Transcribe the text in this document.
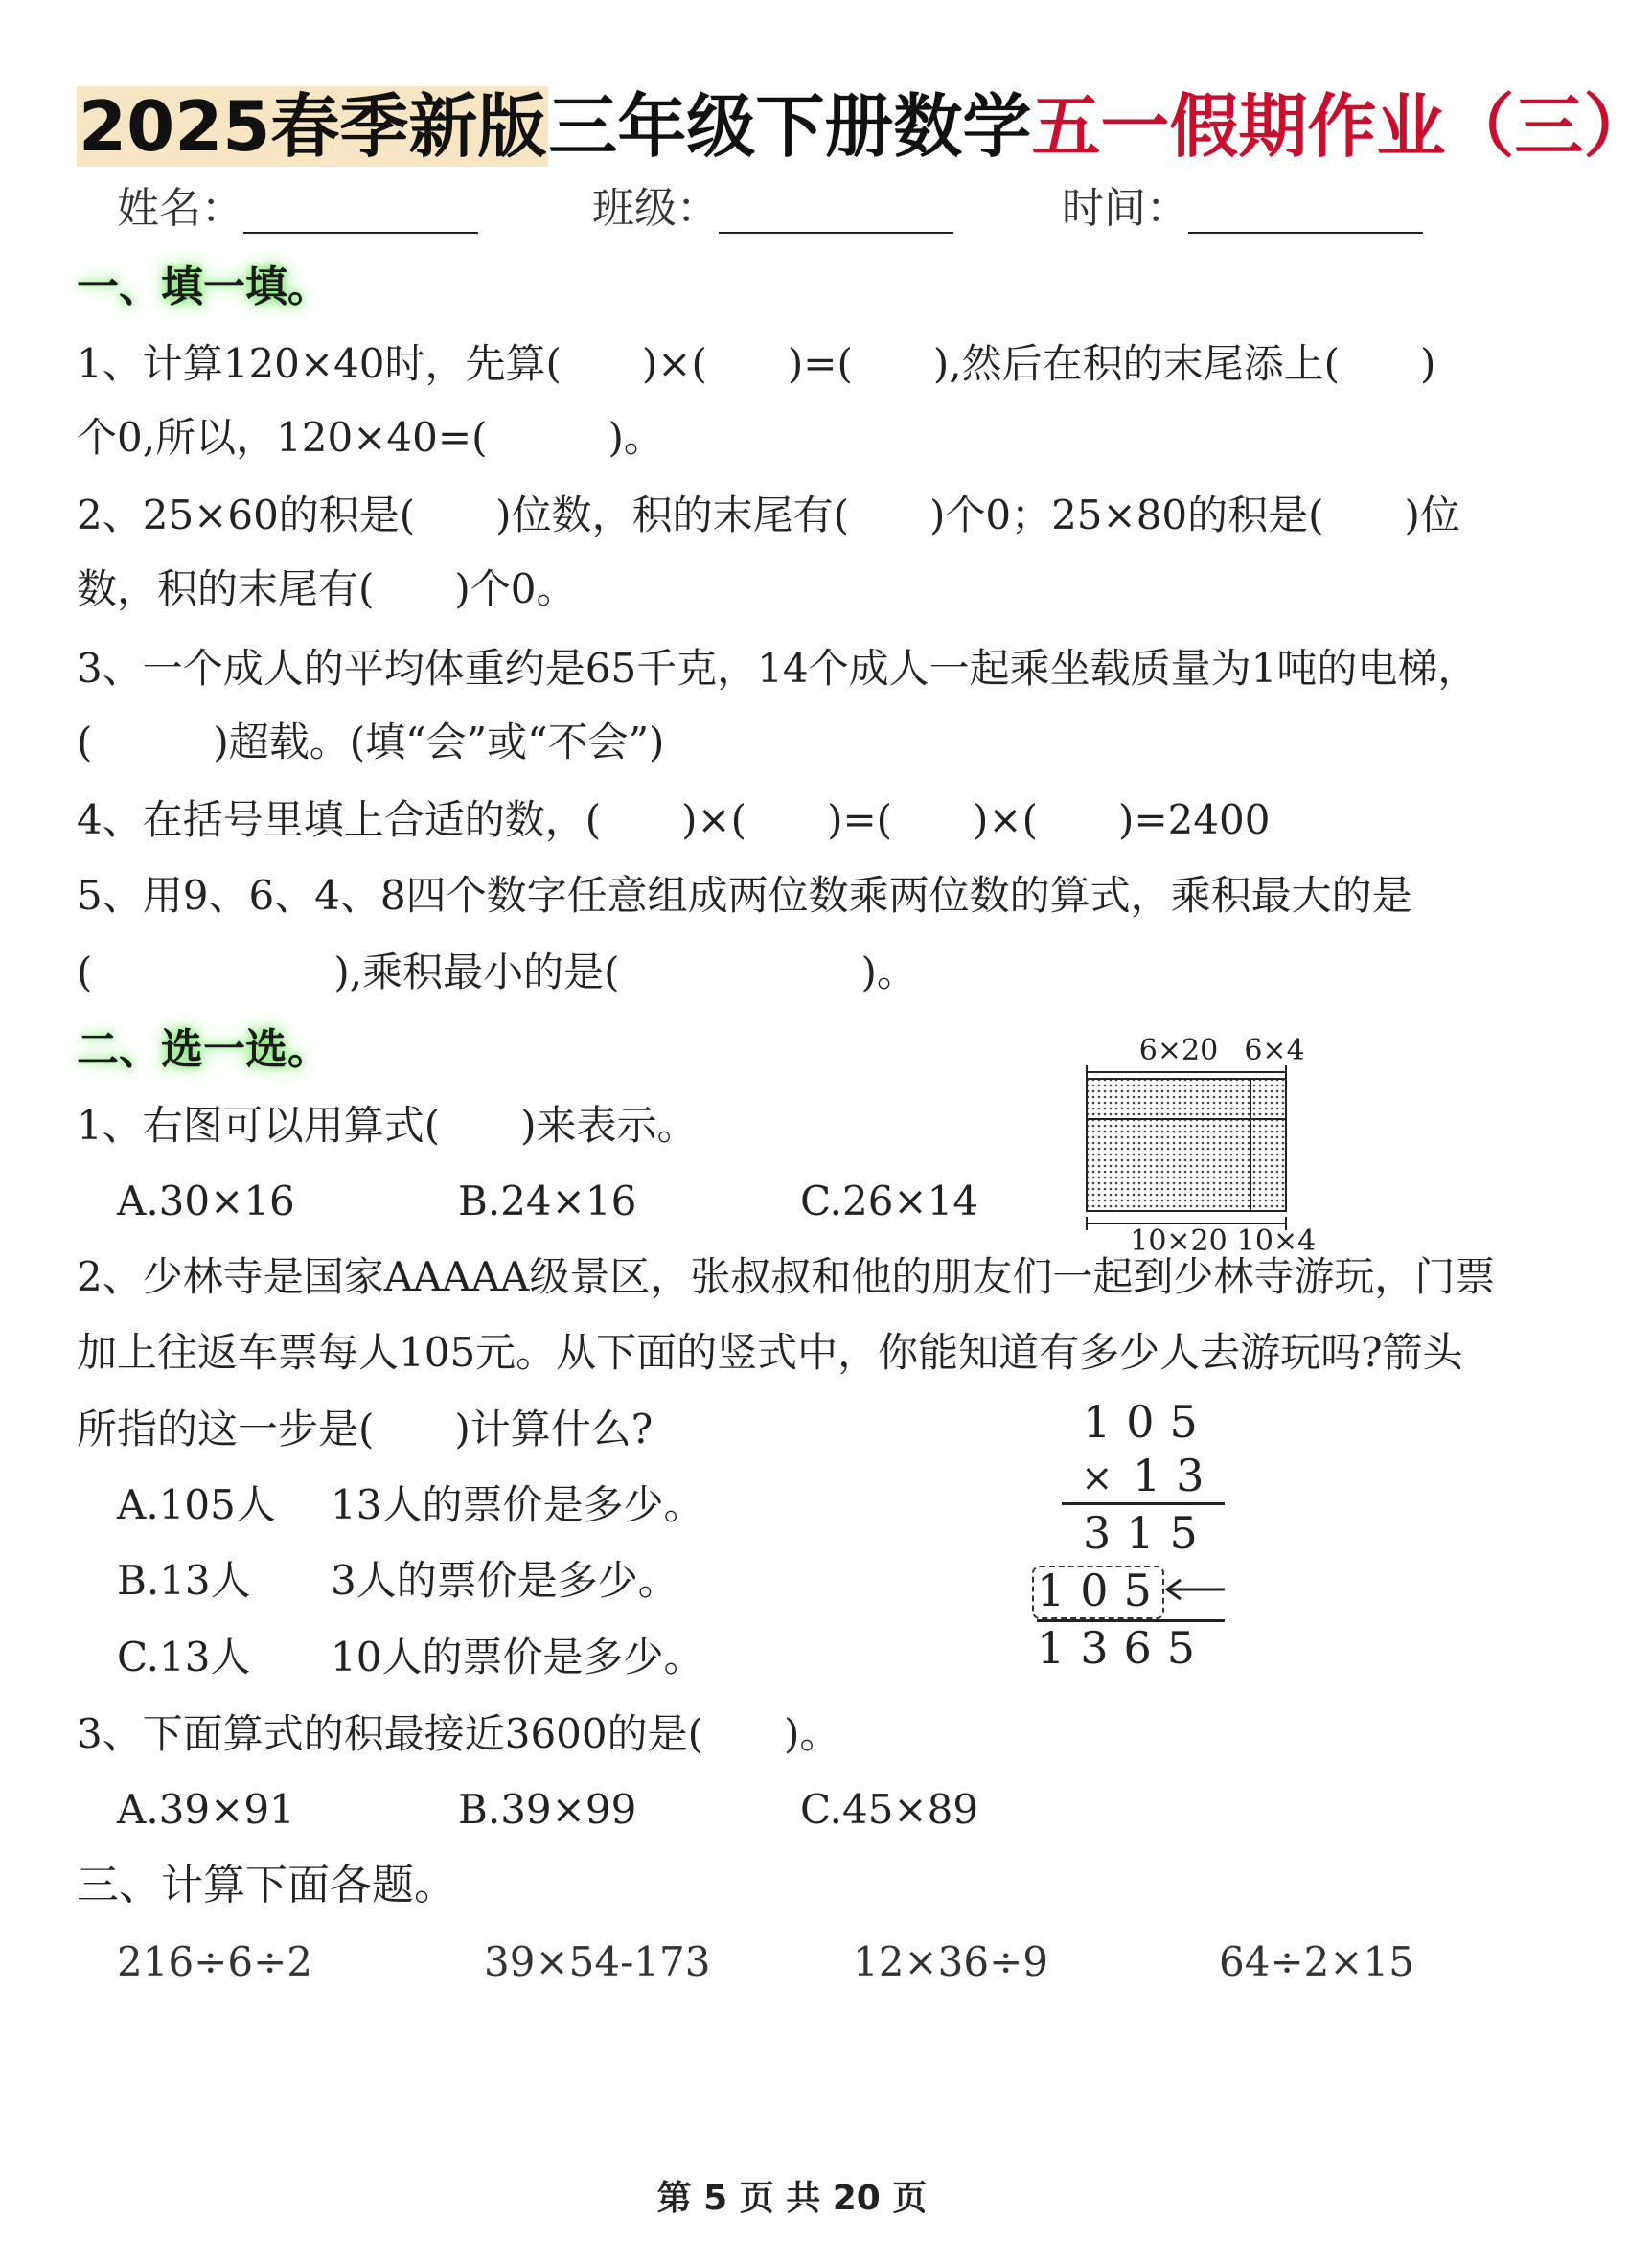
2025春季新版三年级下册数学五一假期作业（三）
姓名：	班级：	时间：
一、填一填。
1、计算120×40时，先算(　　)×(　　)=(　　),然后在积的末尾添上(　　)
个0,所以，120×40=(　　　)。
2、25×60的积是(　　)位数，积的末尾有(　　)个0；25×80的积是(　　)位
数，积的末尾有(　　)个0。
3、一个成人的平均体重约是65千克，14个成人一起乘坐载质量为1吨的电梯，
(　　　)超载。(填“会”或“不会”)
4、在括号里填上合适的数，(　　)×(　　)=(　　)×(　　)=2400
5、用9、6、4、8四个数字任意组成两位数乘两位数的算式，乘积最大的是
(　　　　　　),乘积最小的是(　　　　　　)。
二、选一选。
1、右图可以用算式(　　)来表示。
A.30×16	B.24×16	C.26×14
6×20 6×4
10×20 10×4
2、少林寺是国家AAAAA级景区，张叔叔和他的朋友们一起到少林寺游玩，门票
加上往返车票每人105元。从下面的竖式中，你能知道有多少人去游玩吗?箭头
所指的这一步是(　　)计算什么?
A.105人 13人的票价是多少。
B.13人 3人的票价是多少。
C.13人 10人的票价是多少。
105
× 13
315
105
1365
3、下面算式的积最接近3600的是(　　)。
A.39×91	B.39×99	C.45×89
三、计算下面各题。
216÷6÷2	39×54-173	12×36÷9	64÷2×15
第 5 页 共 20 页
